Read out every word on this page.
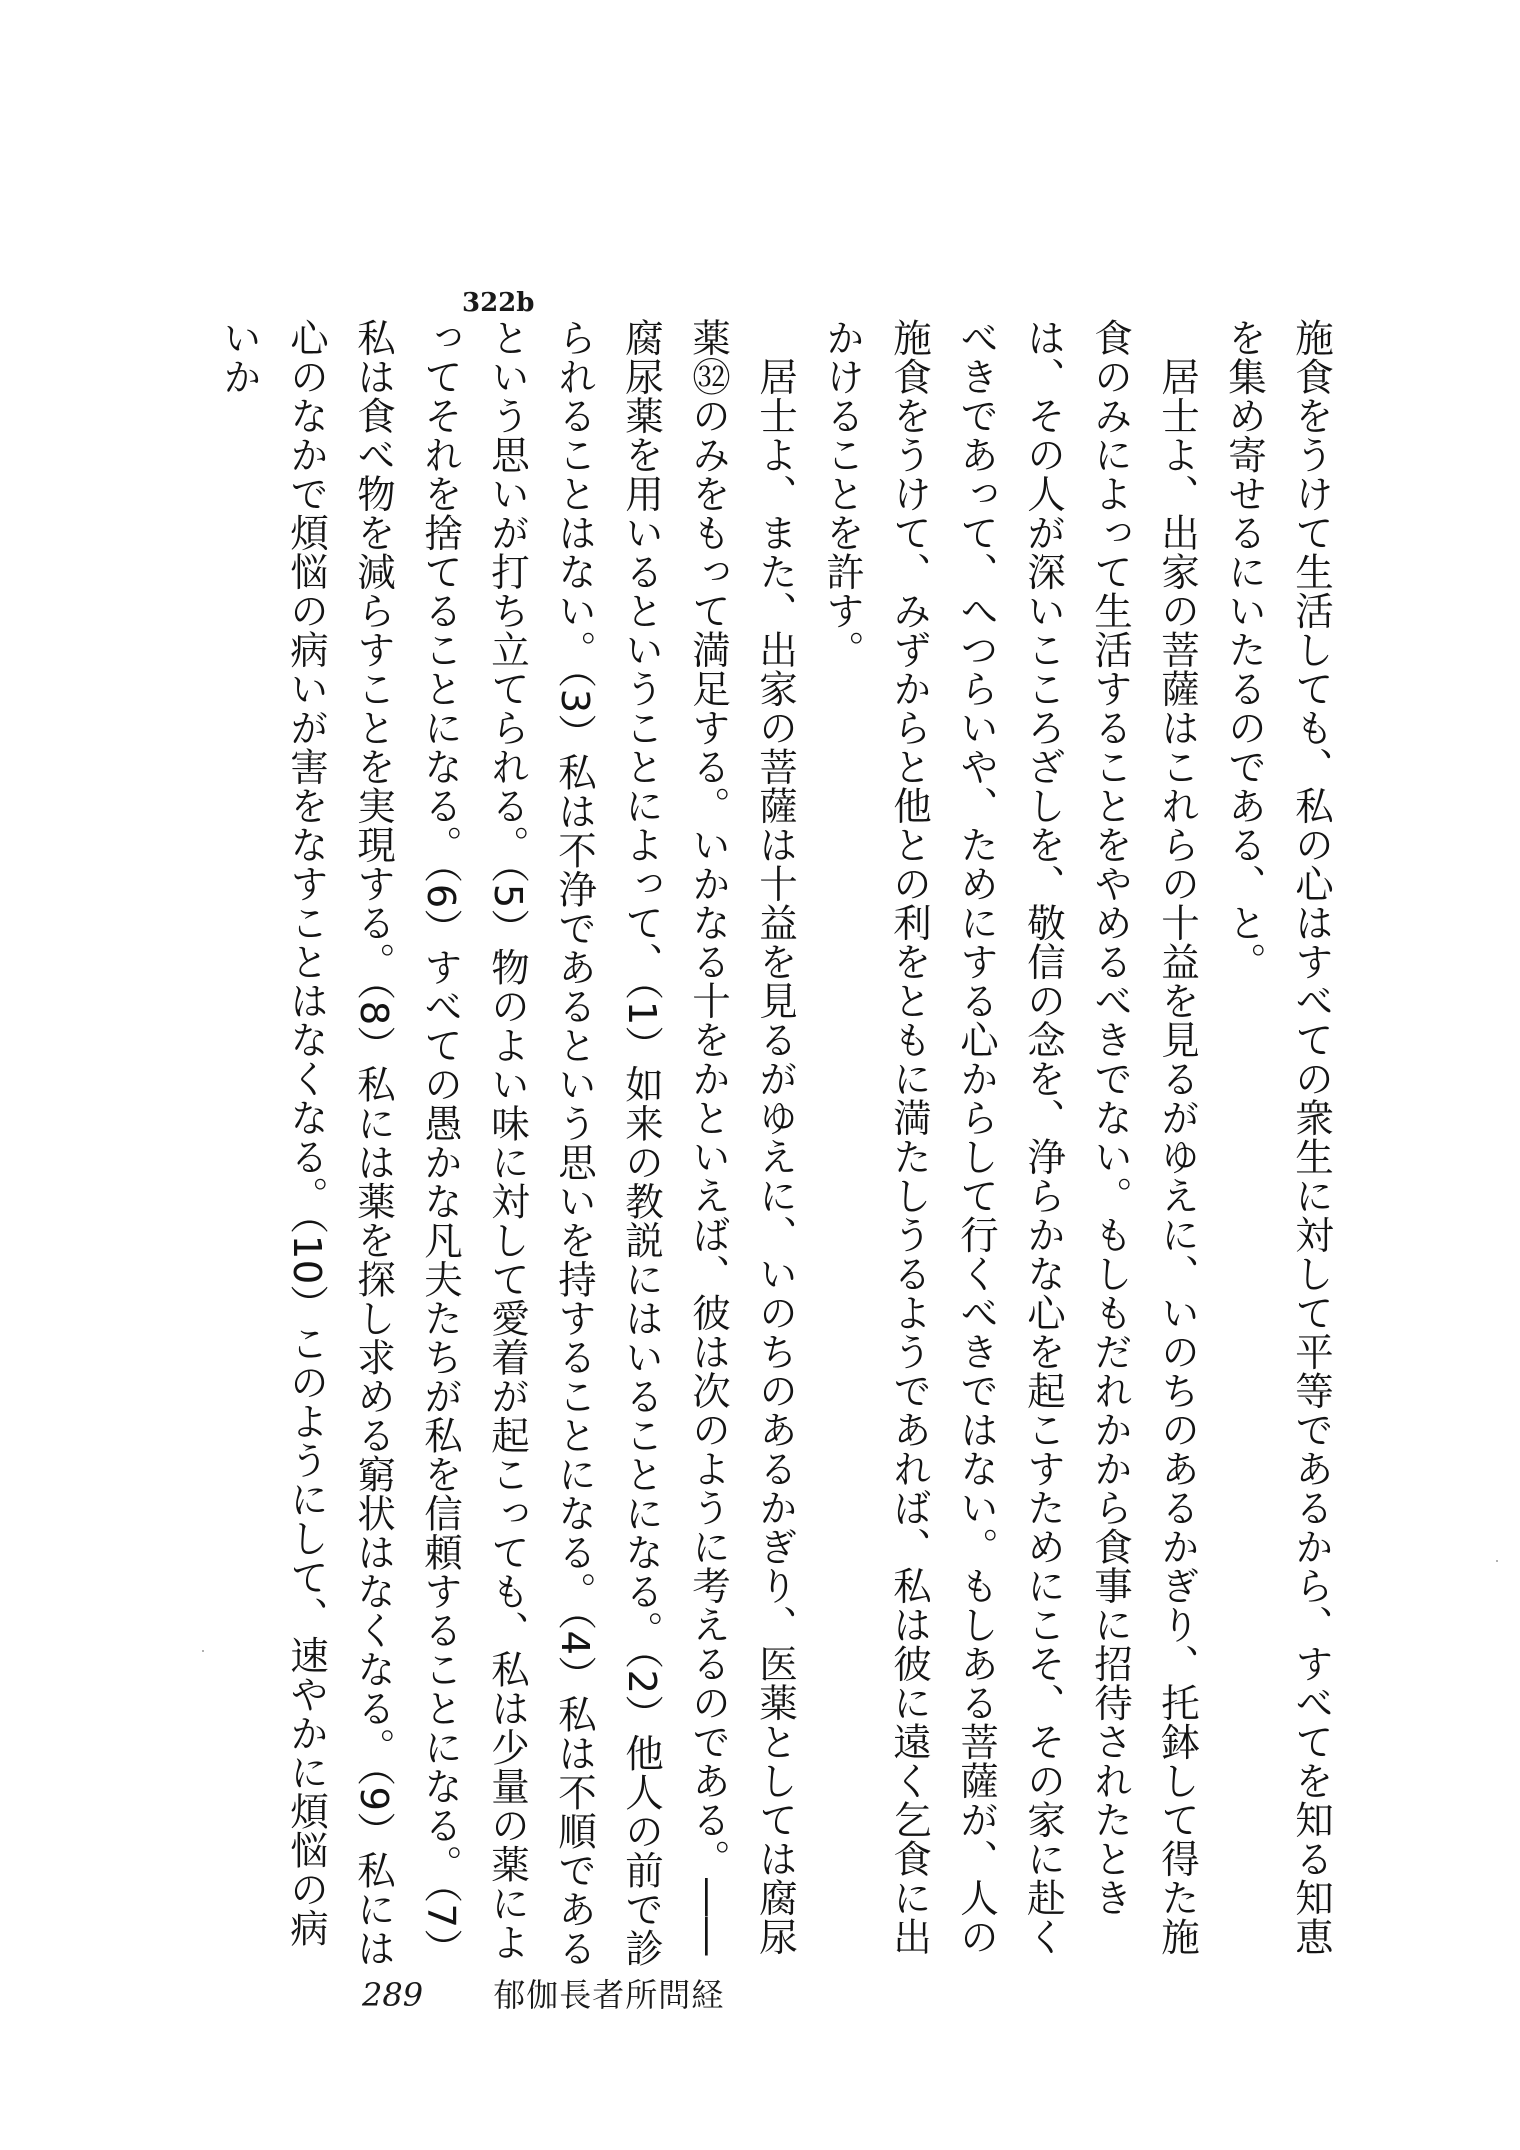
322b

施食をうけて生活しても、私の心はすべての衆生に対して平等であるから、すべてを知る知恵を集め寄せるにいたるのである、と。

居士よ、出家の菩薩はこれらの十益を見るがゆえに、いのちのあるかぎり、托鉢して得た施食のみによって生活することをやめるべきでない。もしもだれかから食事に招待されたときは、その人が深いこころざしを、敬信の念を、浄らかな心を起こすためにこそ、その家に赴くべきであって、へつらいや、ためにする心からして行くべきではない。もしある菩薩が、人の施食をうけて、みずからと他との利をともに満たしうるようであれば、私は彼に遠く乞食に出かけることを許す。

居士よ、また、出家の菩薩は十益を見るがゆえに、いのちのあるかぎり、医薬としては腐尿薬㉜のみをもって満足する。いかなる十をかといえば、彼は次のように考えるのである。――腐尿薬を用いるということによって、（1）如来の教説にはいることになる。（2）他人の前で診られることはない。（3）私は不浄であるという思いを持することになる。（4）私は不順であるという思いが打ち立てられる。（5）物のよい味に対して愛着が起こっても、私は少量の薬によってそれを捨てることになる。（6）すべての愚かな凡夫たちが私を信頼することになる。（7）私は食べ物を減らすことを実現する。（8）私には薬を探し求める窮状はなくなる。（9）私には心のなかで煩悩の病いが害をなすことはなくなる。（10）このようにして、速やかに煩悩の病いか

289 郁伽長者所問経
